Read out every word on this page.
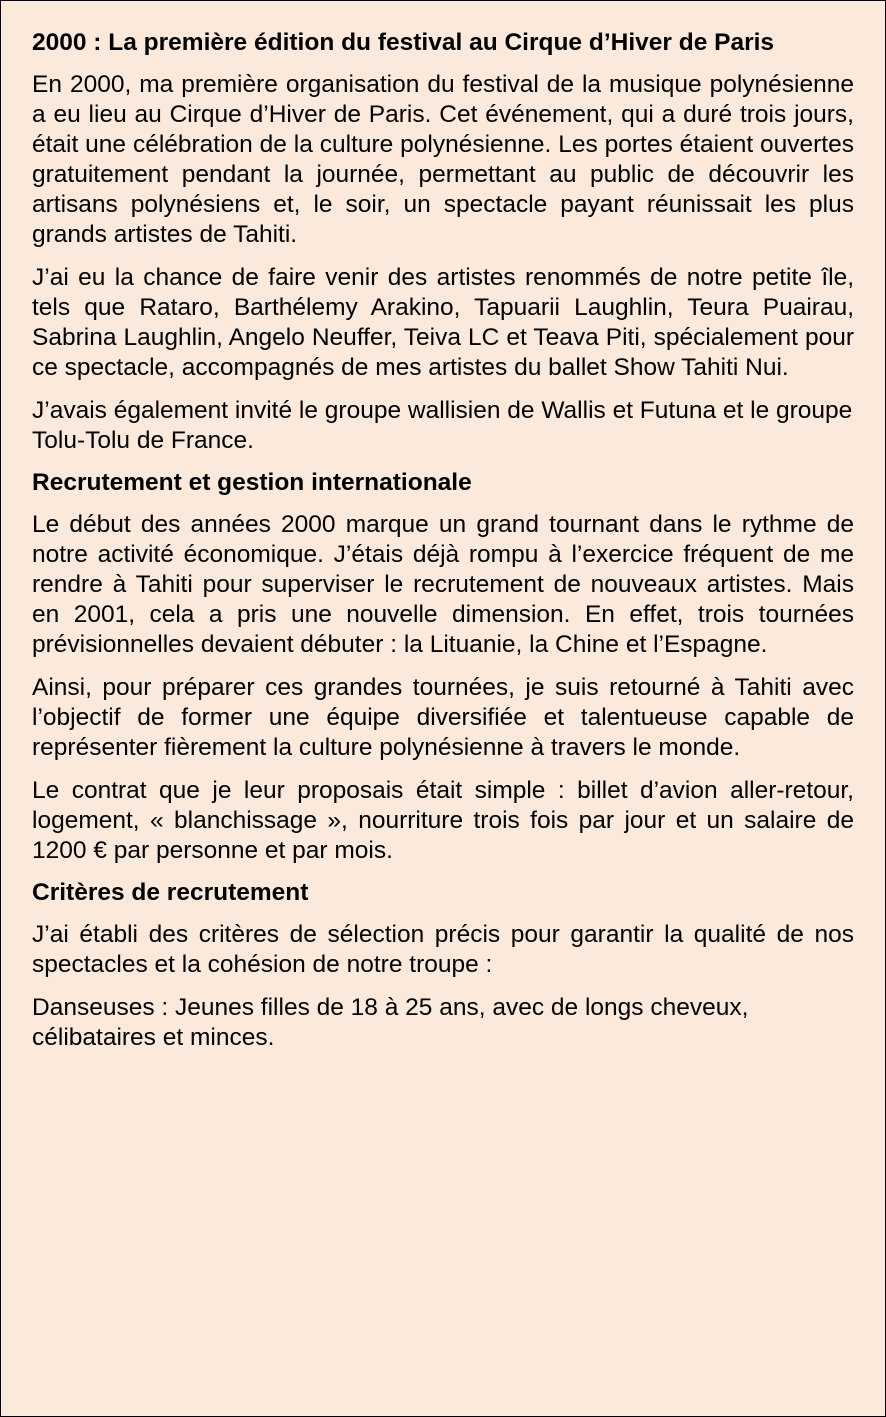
2000 : La première édition du festival au Cirque d’Hiver de Paris

En 2000, ma première organisation du festival de la musique polynésienne a eu lieu au Cirque d’Hiver de Paris. Cet événement, qui a duré trois jours, était une célébration de la culture polynésienne. Les portes étaient ouvertes gratuitement pendant la journée, permettant au public de découvrir les artisans polynésiens et, le soir, un spectacle payant réunissait les plus grands artistes de Tahiti.

J’ai eu la chance de faire venir des artistes renommés de notre petite île, tels que Rataro, Barthélemy Arakino, Tapuarii Laughlin, Teura Puairau, Sabrina Laughlin, Angelo Neuffer, Teiva LC et Teava Piti, spécialement pour ce spectacle, accompagnés de mes artistes du ballet Show Tahiti Nui.

J’avais également invité le groupe wallisien de Wallis et Futuna et le groupe Tolu-Tolu de France.

Recrutement et gestion internationale

Le début des années 2000 marque un grand tournant dans le rythme de notre activité économique. J’étais déjà rompu à l’exercice fréquent de me rendre à Tahiti pour superviser le recrutement de nouveaux artistes. Mais en 2001, cela a pris une nouvelle dimension. En effet, trois tournées prévisionnelles devaient débuter : la Lituanie, la Chine et l’Espagne.

Ainsi, pour préparer ces grandes tournées, je suis retourné à Tahiti avec l’objectif de former une équipe diversifiée et talentueuse capable de représenter fièrement la culture polynésienne à travers le monde.

Le contrat que je leur proposais était simple : billet d’avion aller-retour, logement, « blanchissage », nourriture trois fois par jour et un salaire de 1200 € par personne et par mois.

Critères de recrutement

J’ai établi des critères de sélection précis pour garantir la qualité de nos spectacles et la cohésion de notre troupe :

Danseuses : Jeunes filles de 18 à 25 ans, avec de longs cheveux, célibataires et minces.
